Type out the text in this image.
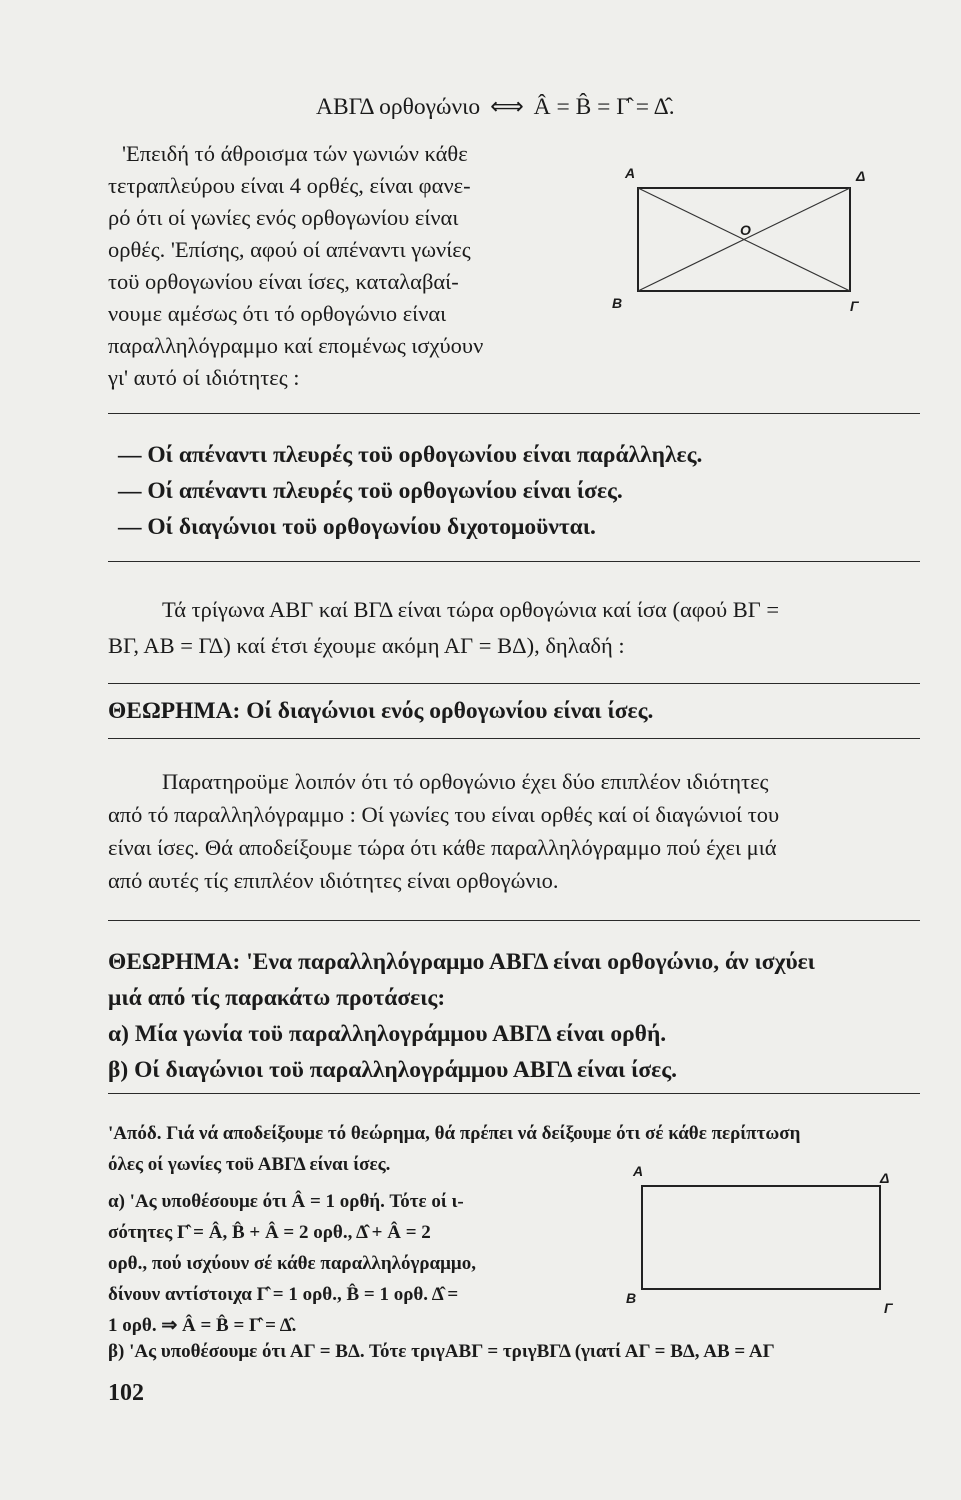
ΑΒΓΔ ορθογώνιο ⟺ Â = B̂ = Γ̂ = Δ̂.
'Επειδή τό άθροισμα τών γωνιών κάθε
τετραπλεύρου είναι 4 ορθές, είναι φανε-
ρό ότι οί γωνίες ενός ορθογωνίου είναι
ορθές. 'Επίσης, αφού οί απέναντι γωνίες
τοϋ ορθογωνίου είναι ίσες, καταλαβαί-
νουμε αμέσως ότι τό ορθογώνιο είναι
παραλληλόγραμμο καί επομένως ισχύουν
γι' αυτό οί ιδιότητες :
A	Δ
B	Γ
O
— Οί απέναντι πλευρές τοϋ ορθογωνίου είναι παράλληλες.
— Οί απέναντι πλευρές τοϋ ορθογωνίου είναι ίσες.
— Οί διαγώνιοι τοϋ ορθογωνίου διχοτομοϋνται.
Τά τρίγωνα ΑΒΓ καί ΒΓΔ είναι τώρα ορθογώνια καί ίσα (αφού ΒΓ =
ΒΓ, ΑΒ = ΓΔ) καί έτσι έχουμε ακόμη ΑΓ = ΒΔ), δηλαδή :
ΘΕΩΡΗΜΑ: Οί διαγώνιοι ενός ορθογωνίου είναι ίσες.
Παρατηροϋμε λοιπόν ότι τό ορθογώνιο έχει δύο επιπλέον ιδιότητες
από τό παραλληλόγραμμο : Οί γωνίες του είναι ορθές καί οί διαγώνιοί του
είναι ίσες. Θά αποδείξουμε τώρα ότι κάθε παραλληλόγραμμο πού έχει μιά
από αυτές τίς επιπλέον ιδιότητες είναι ορθογώνιο.
ΘΕΩΡΗΜΑ: 'Ενα παραλληλόγραμμο ΑΒΓΔ είναι ορθογώνιο, άν ισχύει
μιά από τίς παρακάτω προτάσεις:
α) Μία γωνία τοϋ παραλληλογράμμου ΑΒΓΔ είναι ορθή.
β) Οί διαγώνιοι τοϋ παραλληλογράμμου ΑΒΓΔ είναι ίσες.
'Απόδ. Γιά νά αποδείξουμε τό θεώρημα, θά πρέπει νά δείξουμε ότι σέ κάθε περίπτωση
όλες οί γωνίες τοϋ ΑΒΓΔ είναι ίσες.
α) 'Ας υποθέσουμε ότι Â = 1 ορθή. Τότε οί ι-
σότητες Γ̂ = Â, B̂ + Â = 2 ορθ., Δ̂ + Â = 2
ορθ., πού ισχύουν σέ κάθε παραλληλόγραμμο,
δίνουν αντίστοιχα Γ̂ = 1 ορθ., B̂ = 1 ορθ. Δ̂ =
1 ορθ. ⇒ Â = B̂ = Γ̂ = Δ̂.
A	Δ
B
Γ
β) 'Ας υποθέσουμε ότι ΑΓ = ΒΔ. Τότε τριγΑΒΓ = τριγΒΓΔ (γιατί ΑΓ = ΒΔ, ΑΒ = ΑΓ
102
